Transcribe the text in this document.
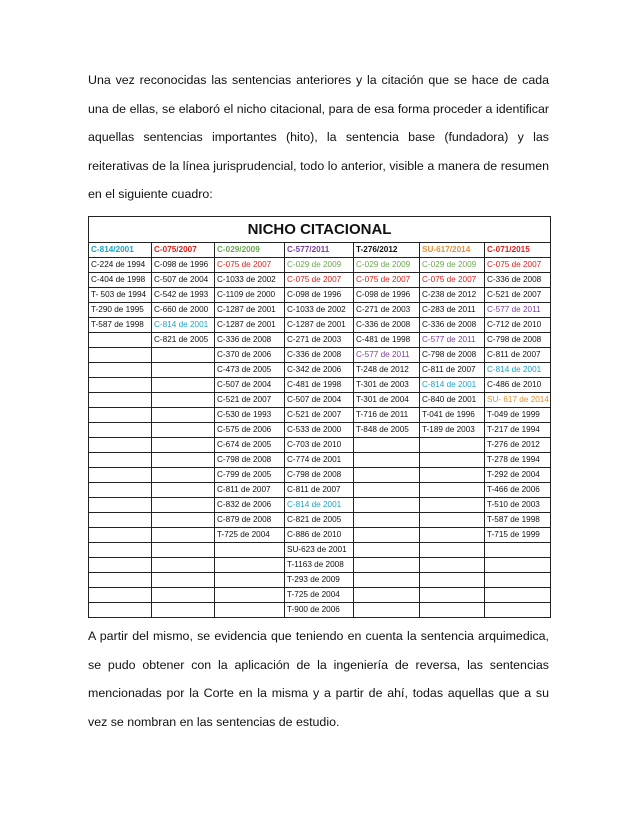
Una vez reconocidas las sentencias anteriores y la citación que se hace de cada una de ellas, se elaboró el nicho citacional, para de esa forma proceder a identificar aquellas sentencias importantes (hito), la sentencia base (fundadora) y las reiterativas de la línea jurisprudencial, todo lo anterior, visible a manera de resumen en el siguiente cuadro:

NICHO CITACIONAL						
C-814/2001	C-075/2007	C-029/2009	C-577/2011	T-276/2012	SU-617/2014	C-071/2015
C-224 de 1994	C-098 de 1996	C-075 de 2007	C-029 de 2009	C-029 de 2009	C-029 de 2009	C-075 de 2007
C-404 de 1998	C-507 de 2004	C-1033 de 2002	C-075 de 2007	C-075 de 2007	C-075 de 2007	C-336 de 2008
T- 503 de 1994	C-542 de 1993	C-1109 de 2000	C-098 de 1996	C-098 de 1996	C-238 de 2012	C-521 de 2007
T-290 de 1995	C-660 de 2000	C-1287 de 2001	C-1033 de 2002	C-271 de 2003	C-283 de 2011	C-577 de 2011
T-587 de 1998	C-814 de 2001	C-1287 de 2001	C-1287 de 2001	C-336 de 2008	C-336 de 2008	C-712 de 2010
	C-821 de 2005	C-336 de 2008	C-271 de 2003	C-481 de 1998	C-577 de 2011	C-798 de 2008
		C-370 de 2006	C-336 de 2008	C-577 de 2011	C-798 de 2008	C-811 de 2007
		C-473 de 2005	C-342 de 2006	T-248 de 2012	C-811 de 2007	C-814 de 2001
		C-507 de 2004	C-481 de 1998	T-301 de 2003	C-814 de 2001	C-486 de 2010
		C-521 de 2007	C-507 de 2004	T-301 de 2004	C-840 de 2001	SU- 617 de 2014
		C-530 de 1993	C-521 de 2007	T-716 de 2011	T-041 de 1996	T-049 de 1999
		C-575 de 2006	C-533 de 2000	T-848 de 2005	T-189 de 2003	T-217 de 1994
		C-674 de 2005	C-703 de 2010			T-276 de 2012
		C-798 de 2008	C-774 de 2001			T-278 de 1994
		C-799 de 2005	C-798 de 2008			T-292 de 2004
		C-811 de 2007	C-811 de 2007			T-466 de 2006
		C-832 de 2006	C-814 de 2001			T-510 de 2003
		C-879 de 2008	C-821 de 2005			T-587 de 1998
		T-725 de 2004	C-886 de 2010			T-715 de 1999
			SU-623 de 2001			
			T-1163 de 2008			
			T-293 de 2009			
			T-725 de 2004			
			T-900 de 2006			

A partir del mismo, se evidencia que teniendo en cuenta la sentencia arquimedica, se pudo obtener con la aplicación de la ingeniería de reversa, las sentencias mencionadas por la Corte en la misma y a partir de ahí, todas aquellas que a su vez se nombran en las sentencias de estudio.
